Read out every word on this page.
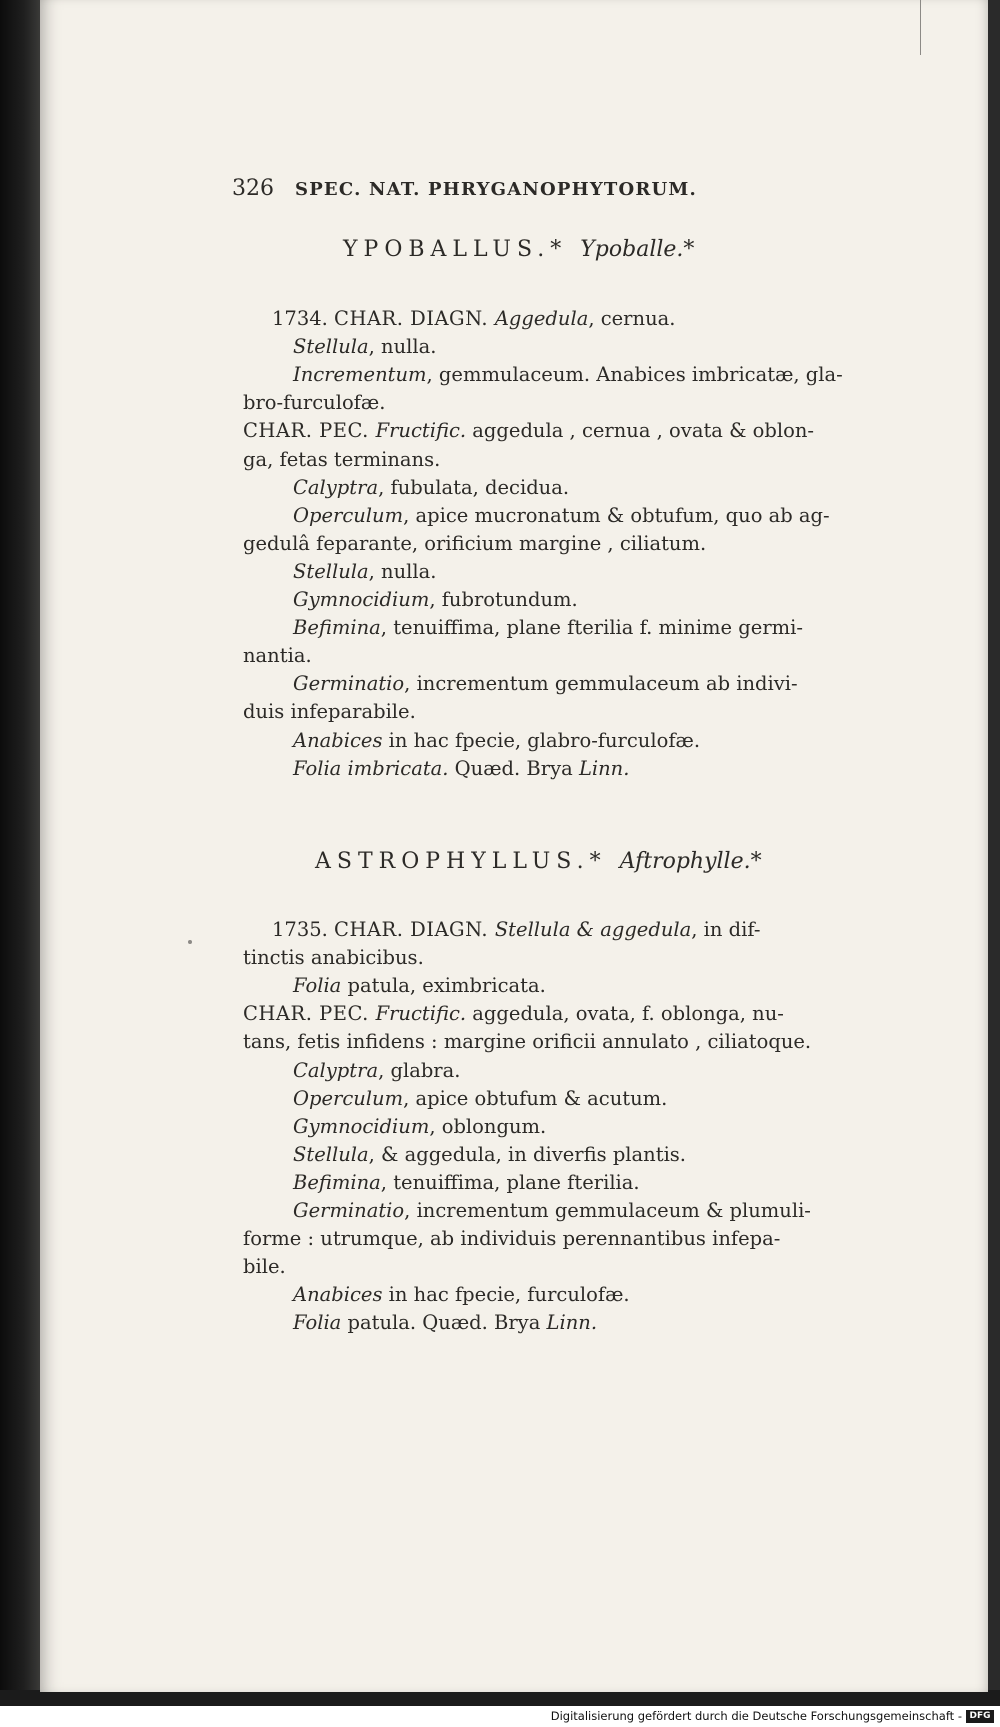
326 SPEC. NAT. PHRYGANOPHYTORUM.
YPOBALLUS.* Ypoballe.*
1734. CHAR. DIAGN. Aggedula, cernua.
Stellula, nulla.
Incrementum, gemmulaceum. Anabices imbricatæ, gla-
bro-furculofæ.
CHAR. PEC. Fructific. aggedula , cernua , ovata & oblon-
ga, fetas terminans.
Calyptra, fubulata, decidua.
Operculum, apice mucronatum & obtufum, quo ab ag-
gedulâ feparante, orificium margine , ciliatum.
Stellula, nulla.
Gymnocidium, fubrotundum.
Befimina, tenuiffima, plane fterilia f. minime germi-
nantia.
Germinatio, incrementum gemmulaceum ab indivi-
duis infeparabile.
Anabices in hac fpecie, glabro-furculofæ.
Folia imbricata. Quæd. Brya Linn.
ASTROPHYLLUS.* Aftrophylle.*
1735. CHAR. DIAGN. Stellula & aggedula, in dif-
tinctis anabicibus.
Folia patula, eximbricata.
CHAR. PEC. Fructific. aggedula, ovata, f. oblonga, nu-
tans, fetis infidens : margine orificii annulato , ciliatoque.
Calyptra, glabra.
Operculum, apice obtufum & acutum.
Gymnocidium, oblongum.
Stellula, & aggedula, in diverfis plantis.
Befimina, tenuiffima, plane fterilia.
Germinatio, incrementum gemmulaceum & plumuli-
forme : utrumque, ab individuis perennantibus infepa-
bile.
Anabices in hac fpecie, furculofæ.
Folia patula. Quæd. Brya Linn.
Digitalisierung gefördert durch die Deutsche Forschungsgemeinschaft - DFG
